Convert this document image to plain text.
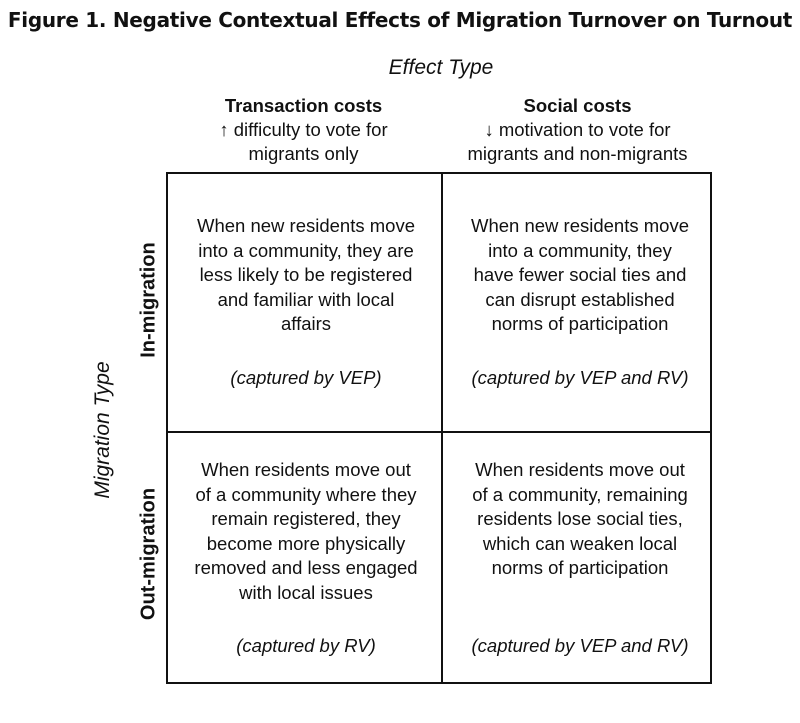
Figure 1. Negative Contextual Effects of Migration Turnover on Turnout
Effect Type
Transaction costs
↑ difficulty to vote for
migrants only
Social costs
↓ motivation to vote for
migrants and non-migrants
Migration Type
In-migration
Out-migration
When new residents move
into a community, they are
less likely to be registered
and familiar with local
affairs
(captured by VEP)
When new residents move
into a community, they
have fewer social ties and
can disrupt established
norms of participation
(captured by VEP and RV)
When residents move out
of a community where they
remain registered, they
become more physically
removed and less engaged
with local issues
(captured by RV)
When residents move out
of a community, remaining
residents lose social ties,
which can weaken local
norms of participation
(captured by VEP and RV)
